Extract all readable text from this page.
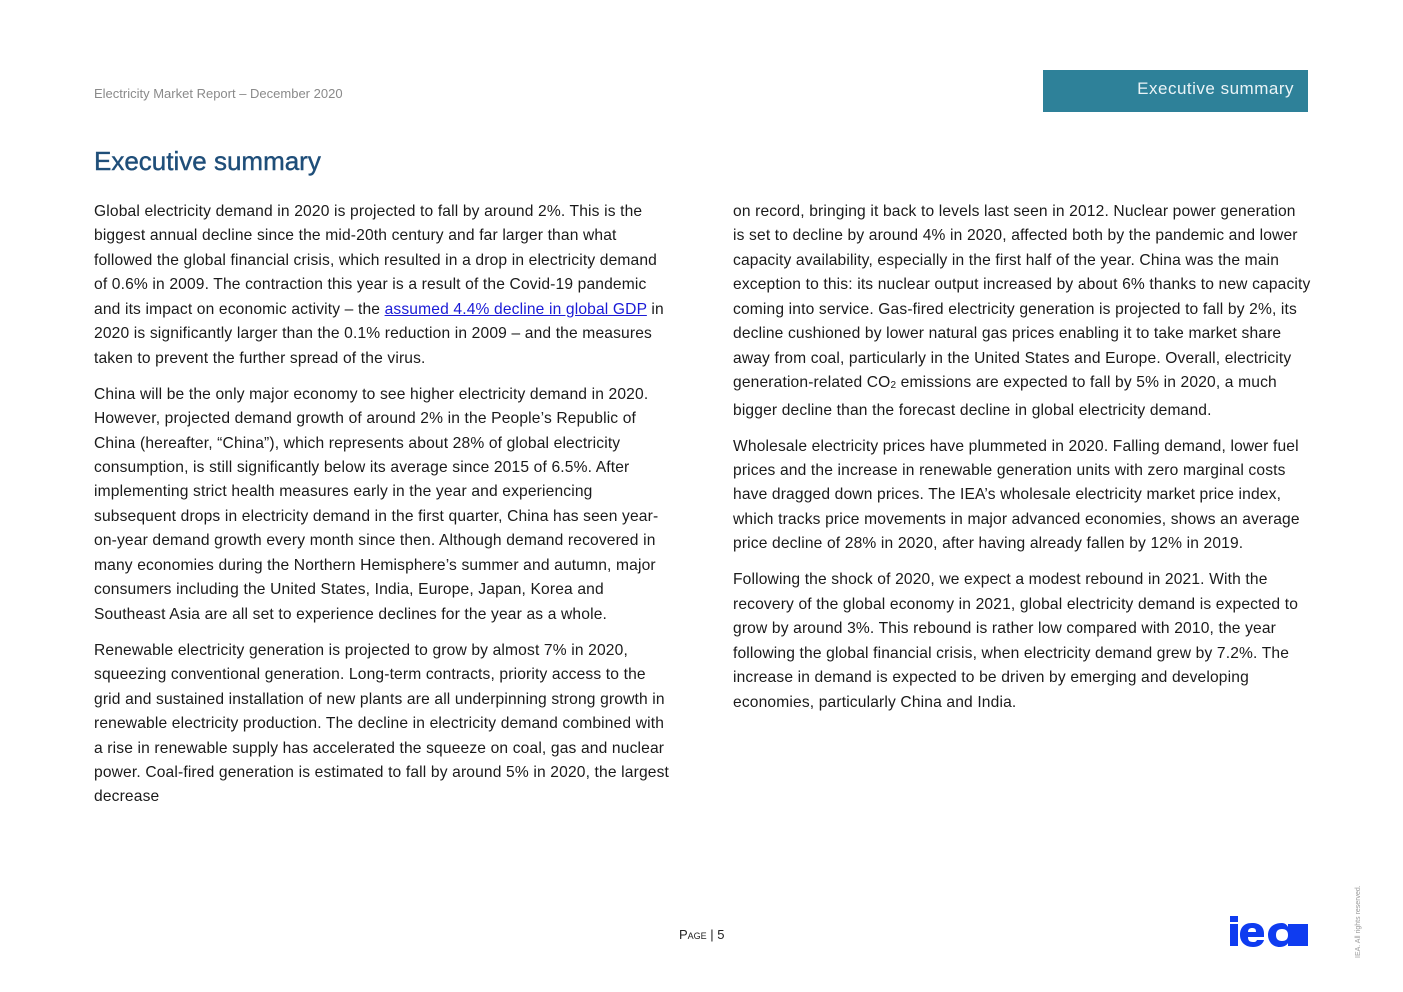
Electricity Market Report – December 2020	Executive summary
Executive summary

Global electricity demand in 2020 is projected to fall by around 2%. This is the biggest annual decline since the mid-20th century and far larger than what followed the global financial crisis, which resulted in a drop in electricity demand of 0.6% in 2009. The contraction this year is a result of the Covid-19 pandemic and its impact on economic activity – the assumed 4.4% decline in global GDP in 2020 is significantly larger than the 0.1% reduction in 2009 – and the measures taken to prevent the further spread of the virus.

China will be the only major economy to see higher electricity demand in 2020. However, projected demand growth of around 2% in the People’s Republic of China (hereafter, “China”), which represents about 28% of global electricity consumption, is still significantly below its average since 2015 of 6.5%. After implementing strict health measures early in the year and experiencing subsequent drops in electricity demand in the first quarter, China has seen year-on-year demand growth every month since then. Although demand recovered in many economies during the Northern Hemisphere’s summer and autumn, major consumers including the United States, India, Europe, Japan, Korea and Southeast Asia are all set to experience declines for the year as a whole.

Renewable electricity generation is projected to grow by almost 7% in 2020, squeezing conventional generation. Long-term contracts, priority access to the grid and sustained installation of new plants are all underpinning strong growth in renewable electricity production. The decline in electricity demand combined with a rise in renewable supply has accelerated the squeeze on coal, gas and nuclear power. Coal-fired generation is estimated to fall by around 5% in 2020, the largest decrease

on record, bringing it back to levels last seen in 2012. Nuclear power generation is set to decline by around 4% in 2020, affected both by the pandemic and lower capacity availability, especially in the first half of the year. China was the main exception to this: its nuclear output increased by about 6% thanks to new capacity coming into service. Gas-fired electricity generation is projected to fall by 2%, its decline cushioned by lower natural gas prices enabling it to take market share away from coal, particularly in the United States and Europe. Overall, electricity generation-related $CO_2$ emissions are expected to fall by 5% in 2020, a much bigger decline than the forecast decline in global electricity demand.

Wholesale electricity prices have plummeted in 2020. Falling demand, lower fuel prices and the increase in renewable generation units with zero marginal costs have dragged down prices. The IEA’s wholesale electricity market price index, which tracks price movements in major advanced economies, shows an average price decline of 28% in 2020, after having already fallen by 12% in 2019.

Following the shock of 2020, we expect a modest rebound in 2021. With the recovery of the global economy in 2021, global electricity demand is expected to grow by around 3%. This rebound is rather low compared with 2010, the year following the global financial crisis, when electricity demand grew by 7.2%. The increase in demand is expected to be driven by emerging and developing economies, particularly China and India.

Page | 5	IEA. All rights reserved.
